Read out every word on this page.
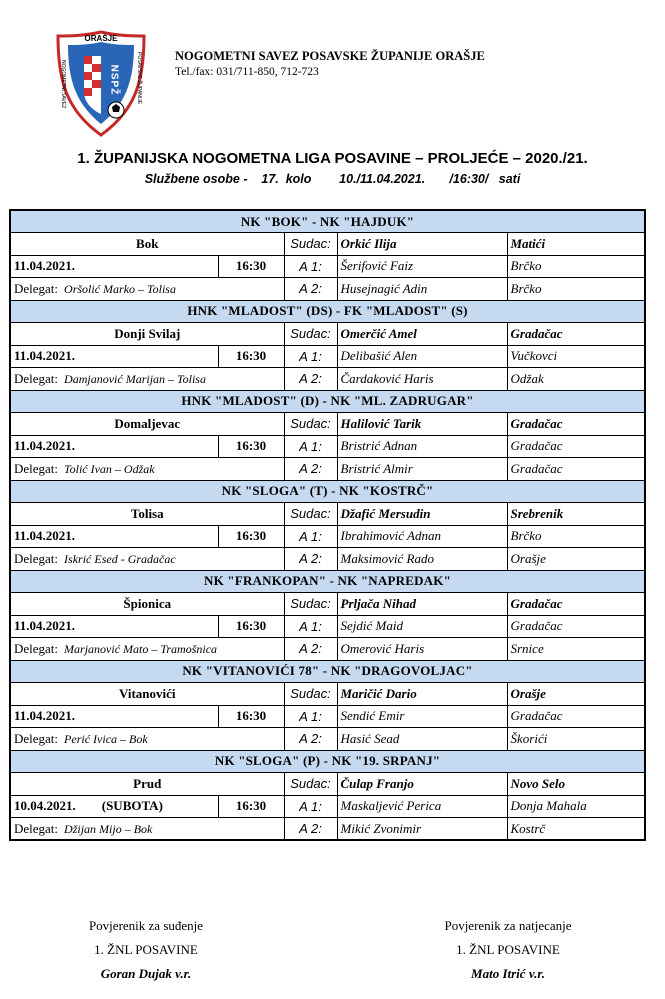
ORAŠJE
NSPŽ
NOGOMETNI SAVEZ	POSAVSKE ŽUPANIJE	NOGOMETNI SAVEZ POSAVSKE ŽUPANIJE ORAŠJE
Tel./fax: 031/711-850, 712-723
1. ŽUPANIJSKA NOGOMETNA LIGA POSAVINE – PROLJEĆE – 2020./21.
Službene osobe -    17.  kolo        10./11.04.2021.       /16:30/   sati
NK "BOK" - NK "HAJDUK"				
Bok		Sudac:	Orkić Ilija	Matići
11.04.2021.	16:30	A 1:	Šerifović Faiz	Brčko
Delegat: Oršolić Marko – Tolisa		A 2:	Husejnagić Adin	Brčko
HNK "MLADOST" (DS) - FK "MLADOST" (S)				
Donji Svilaj		Sudac:	Omerčić Amel	Gradačac
11.04.2021.	16:30	A 1:	Delibašić Alen	Vučkovci
Delegat: Damjanović Marijan – Tolisa		A 2:	Čardaković Haris	Odžak
HNK "MLADOST" (D) - NK "ML. ZADRUGAR"				
Domaljevac		Sudac:	Halilović Tarik	Gradačac
11.04.2021.	16:30	A 1:	Bristrić Adnan	Gradačac
Delegat: Tolić Ivan – Odžak		A 2:	Bristrić Almir	Gradačac
NK "SLOGA" (T) - NK "KOSTRČ"				
Tolisa		Sudac:	Džafić Mersudin	Srebrenik
11.04.2021.	16:30	A 1:	Ibrahimović Adnan	Brčko
Delegat: Iskrić Esed - Gradačac		A 2:	Maksimović Rado	Orašje
NK "FRANKOPAN" - NK "NAPREDAK"				
Špionica		Sudac:	Prljača Nihad	Gradačac
11.04.2021.	16:30	A 1:	Sejdić Maid	Gradačac
Delegat: Marjanović Mato – Tramošnica		A 2:	Omerović Haris	Srnice
NK "VITANOVIĆI 78" - NK "DRAGOVOLJAC"				
Vitanovići		Sudac:	Maričić Dario	Orašje
11.04.2021.	16:30	A 1:	Sendić Emir	Gradačac
Delegat: Perić Ivica – Bok		A 2:	Hasić Sead	Škorići
NK "SLOGA" (P) - NK "19. SRPANJ"				
Prud		Sudac:	Čulap Franjo	Novo Selo
10.04.2021. (SUBOTA)	16:30	A 1:	Maskaljević Perica	Donja Mahala
Delegat: Džijan Mijo – Bok		A 2:	Mikić Zvonimir	Kostrč
Povjerenik za suđenje
1. ŽNL POSAVINE
Goran Dujak v.r.
Povjerenik za natjecanje
1. ŽNL POSAVINE
Mato Itrić v.r.
